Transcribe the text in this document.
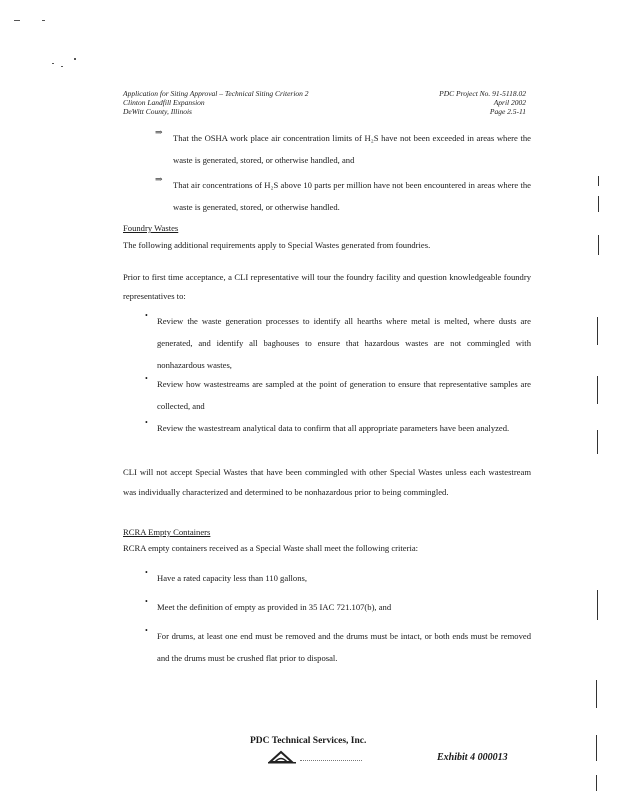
Application for Siting Approval – Technical Siting Criterion 2
Clinton Landfill Expansion
DeWitt County, Illinois
PDC Project No. 91-5118.02
April 2002
Page 2.5-11
⇒
That the OSHA work place air concentration limits of H₂S have not been exceeded in areas where the waste is generated, stored, or otherwise handled, and
⇒
That air concentrations of H₂S above 10 parts per million have not been encountered in areas where the waste is generated, stored, or otherwise handled.
Foundry Wastes
The following additional requirements apply to Special Wastes generated from foundries.
Prior to first time acceptance, a CLI representative will tour the foundry facility and question knowledgeable foundry representatives to:
•
Review the waste generation processes to identify all hearths where metal is melted, where dusts are generated, and identify all baghouses to ensure that hazardous wastes are not commingled with nonhazardous wastes,
•
Review how wastestreams are sampled at the point of generation to ensure that representative samples are collected, and
•
Review the wastestream analytical data to confirm that all appropriate parameters have been analyzed.
CLI will not accept Special Wastes that have been commingled with other Special Wastes unless each wastestream was individually characterized and determined to be nonhazardous prior to being commingled.
RCRA Empty Containers
RCRA empty containers received as a Special Waste shall meet the following criteria:
•
Have a rated capacity less than 110 gallons,
•
Meet the definition of empty as provided in 35 IAC 721.107(b), and
•
For drums, at least one end must be removed and the drums must be intact, or both ends must be removed and the drums must be crushed flat prior to disposal.
PDC Technical Services, Inc.
Exhibit 4 000013
